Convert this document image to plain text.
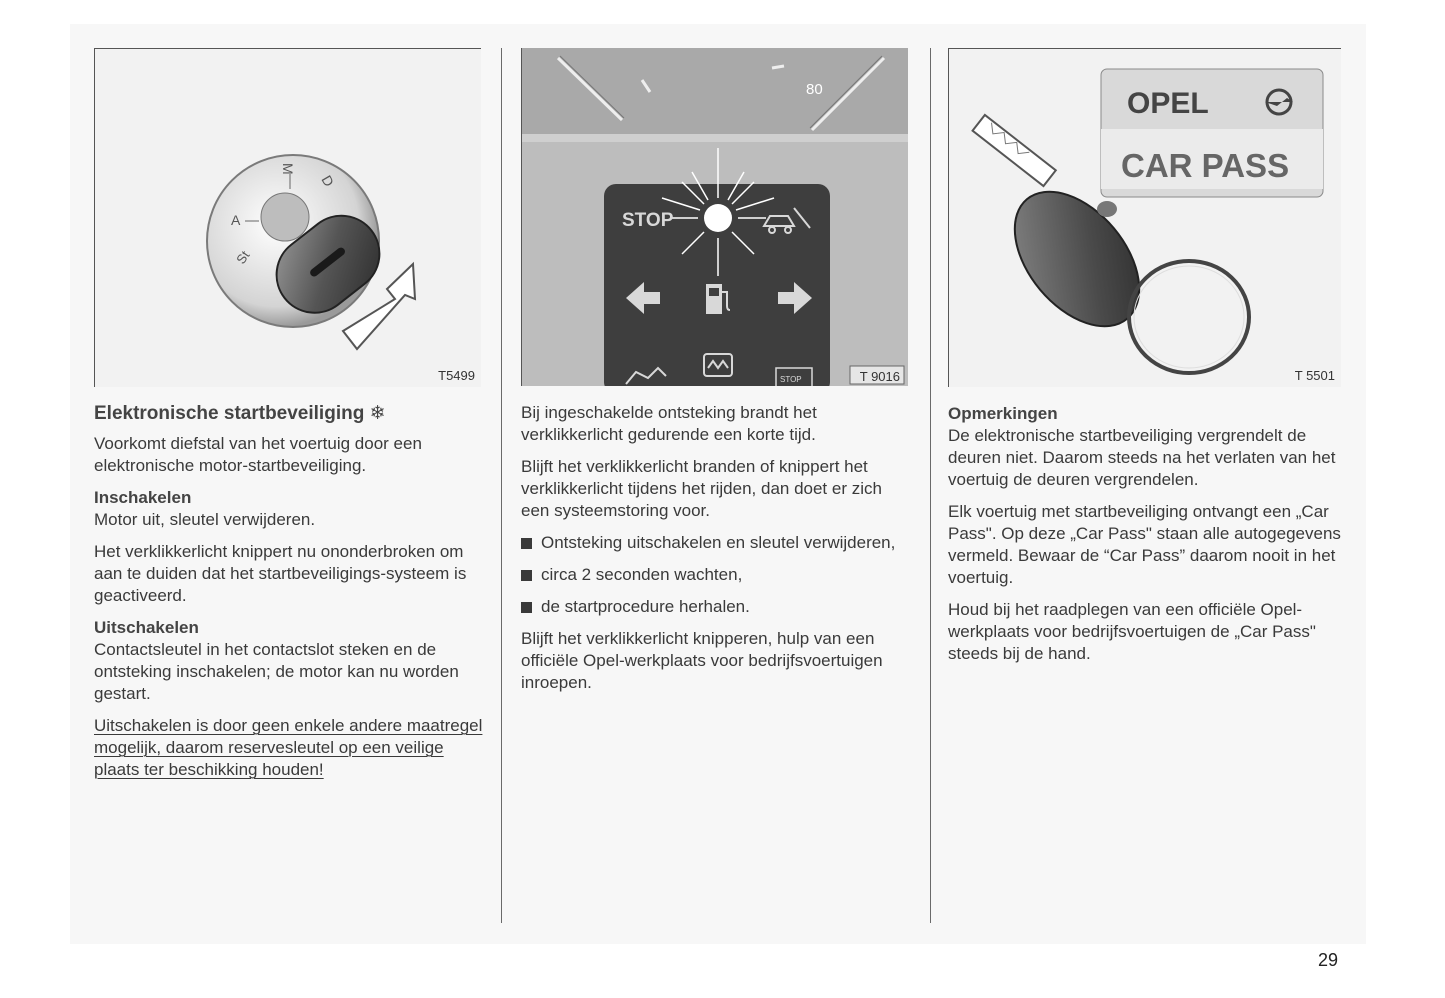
A
M
D
St
T5499
Elektronische startbeveiliging ❄

Voorkomt diefstal van het voertuig door een elektronische motor-startbeveiliging.

Inschakelen

Motor uit, sleutel verwijderen.

Het verklikkerlicht knippert nu ononderbroken om aan te duiden dat het startbeveiligings-systeem is geactiveerd.

Uitschakelen

Contactsleutel in het contactslot steken en de ontsteking inschakelen; de motor kan nu worden gestart.

Uitschakelen is door geen enkele andere maatregel mogelijk, daarom reservesleutel op een veilige plaats ter beschikking houden!

80
STOP
STOP	T 9016

Bij ingeschakelde ontsteking brandt het verklikkerlicht gedurende een korte tijd.

Blijft het verklikkerlicht branden of knippert het verklikkerlicht tijdens het rijden, dan doet er zich een systeemstoring voor.

Ontsteking uitschakelen en sleutel verwijderen,
circa 2 seconden wachten,
de startprocedure herhalen.

Blijft het verklikkerlicht knipperen, hulp van een officiële Opel-werkplaats voor bedrijfsvoertuigen inroepen.

OPEL
CAR PASS
T 5501
Opmerkingen

De elektronische startbeveiliging vergrendelt de deuren niet. Daarom steeds na het verlaten van het voertuig de deuren vergrendelen.

Elk voertuig met startbeveiliging ontvangt een „Car Pass". Op deze „Car Pass" staan alle autogegevens vermeld. Bewaar de “Car Pass” daarom nooit in het voertuig.

Houd bij het raadplegen van een officiële Opel-werkplaats voor bedrijfsvoertuigen de „Car Pass" steeds bij de hand.

29
